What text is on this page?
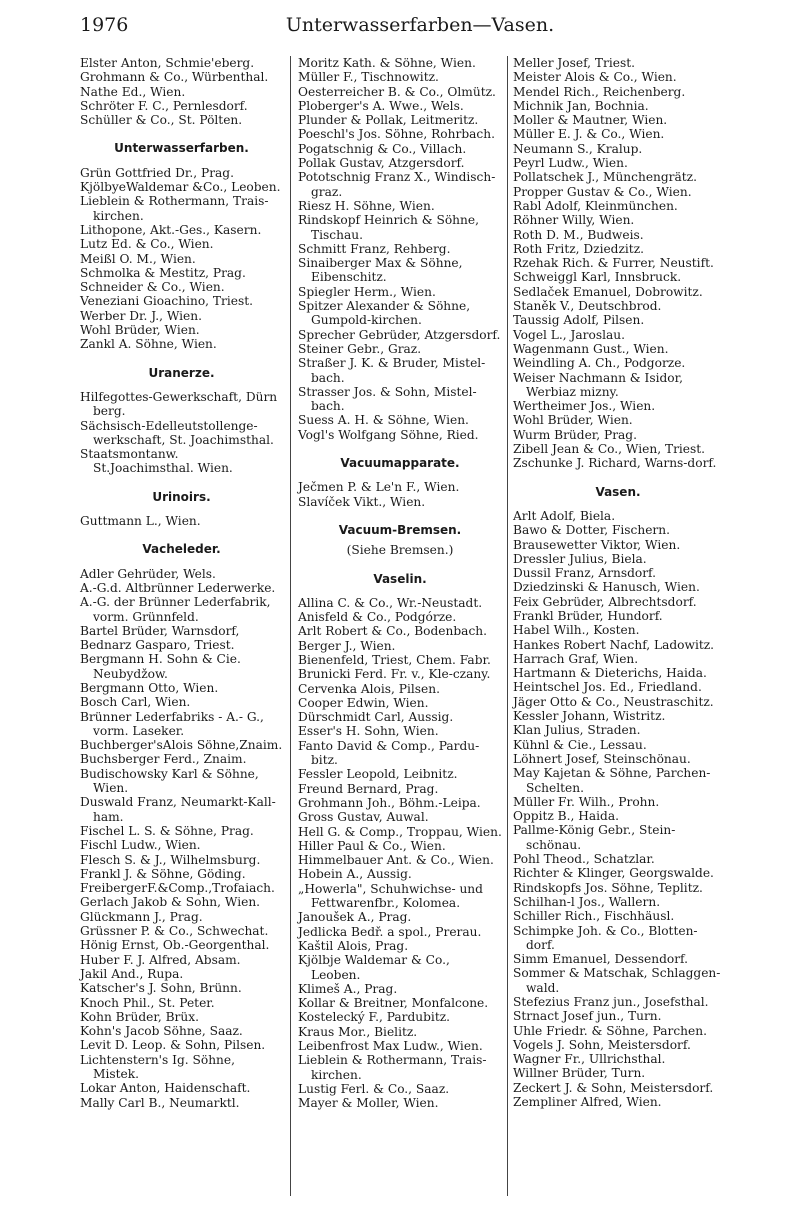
1976	Unterwasserfarben—Vasen.
Elster Anton, Schmie'eberg.
Grohmann & Co., Würbenthal.
Nathe Ed., Wien.
Schröter F. C., Pernlesdorf.
Schüller & Co., St. Pölten.
Unterwasserfarben.
Grün Gottfried Dr., Prag.
KjölbyeWaldemar &Co., Leoben.
Lieblein & Rothermann, Trais-kirchen.
Lithopone, Akt.-Ges., Kasern.
Lutz Ed. & Co., Wien.
Meißl O. M., Wien.
Schmolka & Mestitz, Prag.
Schneider & Co., Wien.
Veneziani Gioachino, Triest.
Werber Dr. J., Wien.
Wohl Brüder, Wien.
Zankl A. Söhne, Wien.
Uranerze.
Hilfegottes-Gewerkschaft, Dürn berg.
Sächsisch-Edelleutstollenge-werkschaft, St. Joachimsthal.
Staatsmontanw. St.Joachimsthal. Wien.
Urinoirs.
Guttmann L., Wien.
Vacheleder.
Adler Gehrüder, Wels.
A.-G.d. Altbrünner Lederwerke.
A.-G. der Brünner Lederfabrik, vorm. Grünnfeld.
Bartel Brüder, Warnsdorf,
Bednarz Gasparo, Triest.
Bergmann H. Sohn & Cie. Neubydžow.
Bergmann Otto, Wien.
Bosch Carl, Wien.
Brünner Lederfabriks - A.- G., vorm. Laseker.
Buchberger'sAlois Söhne,Znaim.
Buchsberger Ferd., Znaim.
Budischowsky Karl & Söhne, Wien.
Duswald Franz, Neumarkt-Kall-ham.
Fischel L. S. & Söhne, Prag.
Fischl Ludw., Wien.
Flesch S. & J., Wilhelmsburg.
Frankl J. & Söhne, Göding.
FreibergerF.&Comp.,Trofaiach.
Gerlach Jakob & Sohn, Wien.
Glückmann J., Prag.
Grüssner P. & Co., Schwechat.
Hönig Ernst, Ob.-Georgenthal.
Huber F. J. Alfred, Absam.
Jakil And., Rupa.
Katscher's J. Sohn, Brünn.
Knoch Phil., St. Peter.
Kohn Brüder, Brüx.
Kohn's Jacob Söhne, Saaz.
Levit D. Leop. & Sohn, Pilsen.
Lichtenstern's Ig. Söhne, Mistek.
Lokar Anton, Haidenschaft.
Mally Carl B., Neumarktl.
Moritz Kath. & Söhne, Wien.
Müller F., Tischnowitz.
Oesterreicher B. & Co., Olmütz.
Ploberger's A. Wwe., Wels.
Plunder & Pollak, Leitmeritz.
Poeschl's Jos. Söhne, Rohrbach.
Pogatschnig & Co., Villach.
Pollak Gustav, Atzgersdorf.
Pototschnig Franz X., Windisch-graz.
Riesz H. Söhne, Wien.
Rindskopf Heinrich & Söhne, Tischau.
Schmitt Franz, Rehberg.
Sinaiberger Max & Söhne, Eibenschitz.
Spiegler Herm., Wien.
Spitzer Alexander & Söhne, Gumpold-kirchen.
Sprecher Gebrüder, Atzgersdorf.
Steiner Gebr., Graz.
Straßer J. K. & Bruder, Mistel-bach.
Strasser Jos. & Sohn, Mistel-bach.
Suess A. H. & Söhne, Wien.
Vogl's Wolfgang Söhne, Ried.
Vacuumapparate.
Ječmen P. & Le'n F., Wien.
Slavíček Vikt., Wien.
Vacuum-Bremsen.
(Siehe Bremsen.)
Vaselin.
Allina C. & Co., Wr.-Neustadt.
Anisfeld & Co., Podgórze.
Arlt Robert & Co., Bodenbach.
Berger J., Wien.
Bienenfeld, Triest, Chem. Fabr.
Brunicki Ferd. Fr. v., Kle-czany.
Cervenka Alois, Pilsen.
Cooper Edwin, Wien.
Dürschmidt Carl, Aussig.
Esser's H. Sohn, Wien.
Fanto David & Comp., Pardu-bitz.
Fessler Leopold, Leibnitz.
Freund Bernard, Prag.
Grohmann Joh., Böhm.-Leipa.
Gross Gustav, Auwal.
Hell G. & Comp., Troppau, Wien.
Hiller Paul & Co., Wien.
Himmelbauer Ant. & Co., Wien.
Hobein A., Aussig.
„Howerla", Schuhwichse- und Fettwarenfbr., Kolomea.
Janoušek A., Prag.
Jedlicka Bedř. a spol., Prerau.
Kaštil Alois, Prag.
Kjölbje Waldemar & Co., Leoben.
Klimeš A., Prag.
Kollar & Breitner, Monfalcone.
Kostelecký F., Pardubitz.
Kraus Mor., Bielitz.
Leibenfrost Max Ludw., Wien.
Lieblein & Rothermann, Trais-kirchen.
Lustig Ferl. & Co., Saaz.
Mayer & Moller, Wien.
Meller Josef, Triest.
Meister Alois & Co., Wien.
Mendel Rich., Reichenberg.
Michnik Jan, Bochnia.
Moller & Mautner, Wien.
Müller E. J. & Co., Wien.
Neumann S., Kralup.
Peyrl Ludw., Wien.
Pollatschek J., Münchengrätz.
Propper Gustav & Co., Wien.
Rabl Adolf, Kleinmünchen.
Röhner Willy, Wien.
Roth D. M., Budweis.
Roth Fritz, Dziedzitz.
Rzehak Rich. & Furrer, Neustift.
Schweiggl Karl, Innsbruck.
Sedlaček Emanuel, Dobrowitz.
Staněk V., Deutschbrod.
Taussig Adolf, Pilsen.
Vogel L., Jaroslau.
Wagenmann Gust., Wien.
Weindling A. Ch., Podgorze.
Weiser Nachmann & Isidor, Werbiaz mizny.
Wertheimer Jos., Wien.
Wohl Brüder, Wien.
Wurm Brüder, Prag.
Zibell Jean & Co., Wien, Triest.
Zschunke J. Richard, Warns-dorf.
Vasen.
Arlt Adolf, Biela.
Bawo & Dotter, Fischern.
Brausewetter Viktor, Wien.
Dressler Julius, Biela.
Dussil Franz, Arnsdorf.
Dziedzinski & Hanusch, Wien.
Feix Gebrüder, Albrechtsdorf.
Frankl Brüder, Hundorf.
Habel Wilh., Kosten.
Hankes Robert Nachf, Ladowitz.
Harrach Graf, Wien.
Hartmann & Dieterichs, Haida.
Heintschel Jos. Ed., Friedland.
Jäger Otto & Co., Neustraschitz.
Kessler Johann, Wistritz.
Klan Julius, Straden.
Kühnl & Cie., Lessau.
Löhnert Josef, Steinschönau.
May Kajetan & Söhne, Parchen-Schelten.
Müller Fr. Wilh., Prohn.
Oppitz B., Haida.
Pallme-König Gebr., Stein-schönau.
Pohl Theod., Schatzlar.
Richter & Klinger, Georgswalde.
Rindskopfs Jos. Söhne, Teplitz.
Schilhan-l Jos., Wallern.
Schiller Rich., Fischhäusl.
Schimpke Joh. & Co., Blotten-dorf.
Simm Emanuel, Dessendorf.
Sommer & Matschak, Schlaggen-wald.
Stefezius Franz jun., Josefsthal.
Strnact Josef jun., Turn.
Uhle Friedr. & Söhne, Parchen.
Vogels J. Sohn, Meistersdorf.
Wagner Fr., Ullrichsthal.
Willner Brüder, Turn.
Zeckert J. & Sohn, Meistersdorf.
Zempliner Alfred, Wien.
